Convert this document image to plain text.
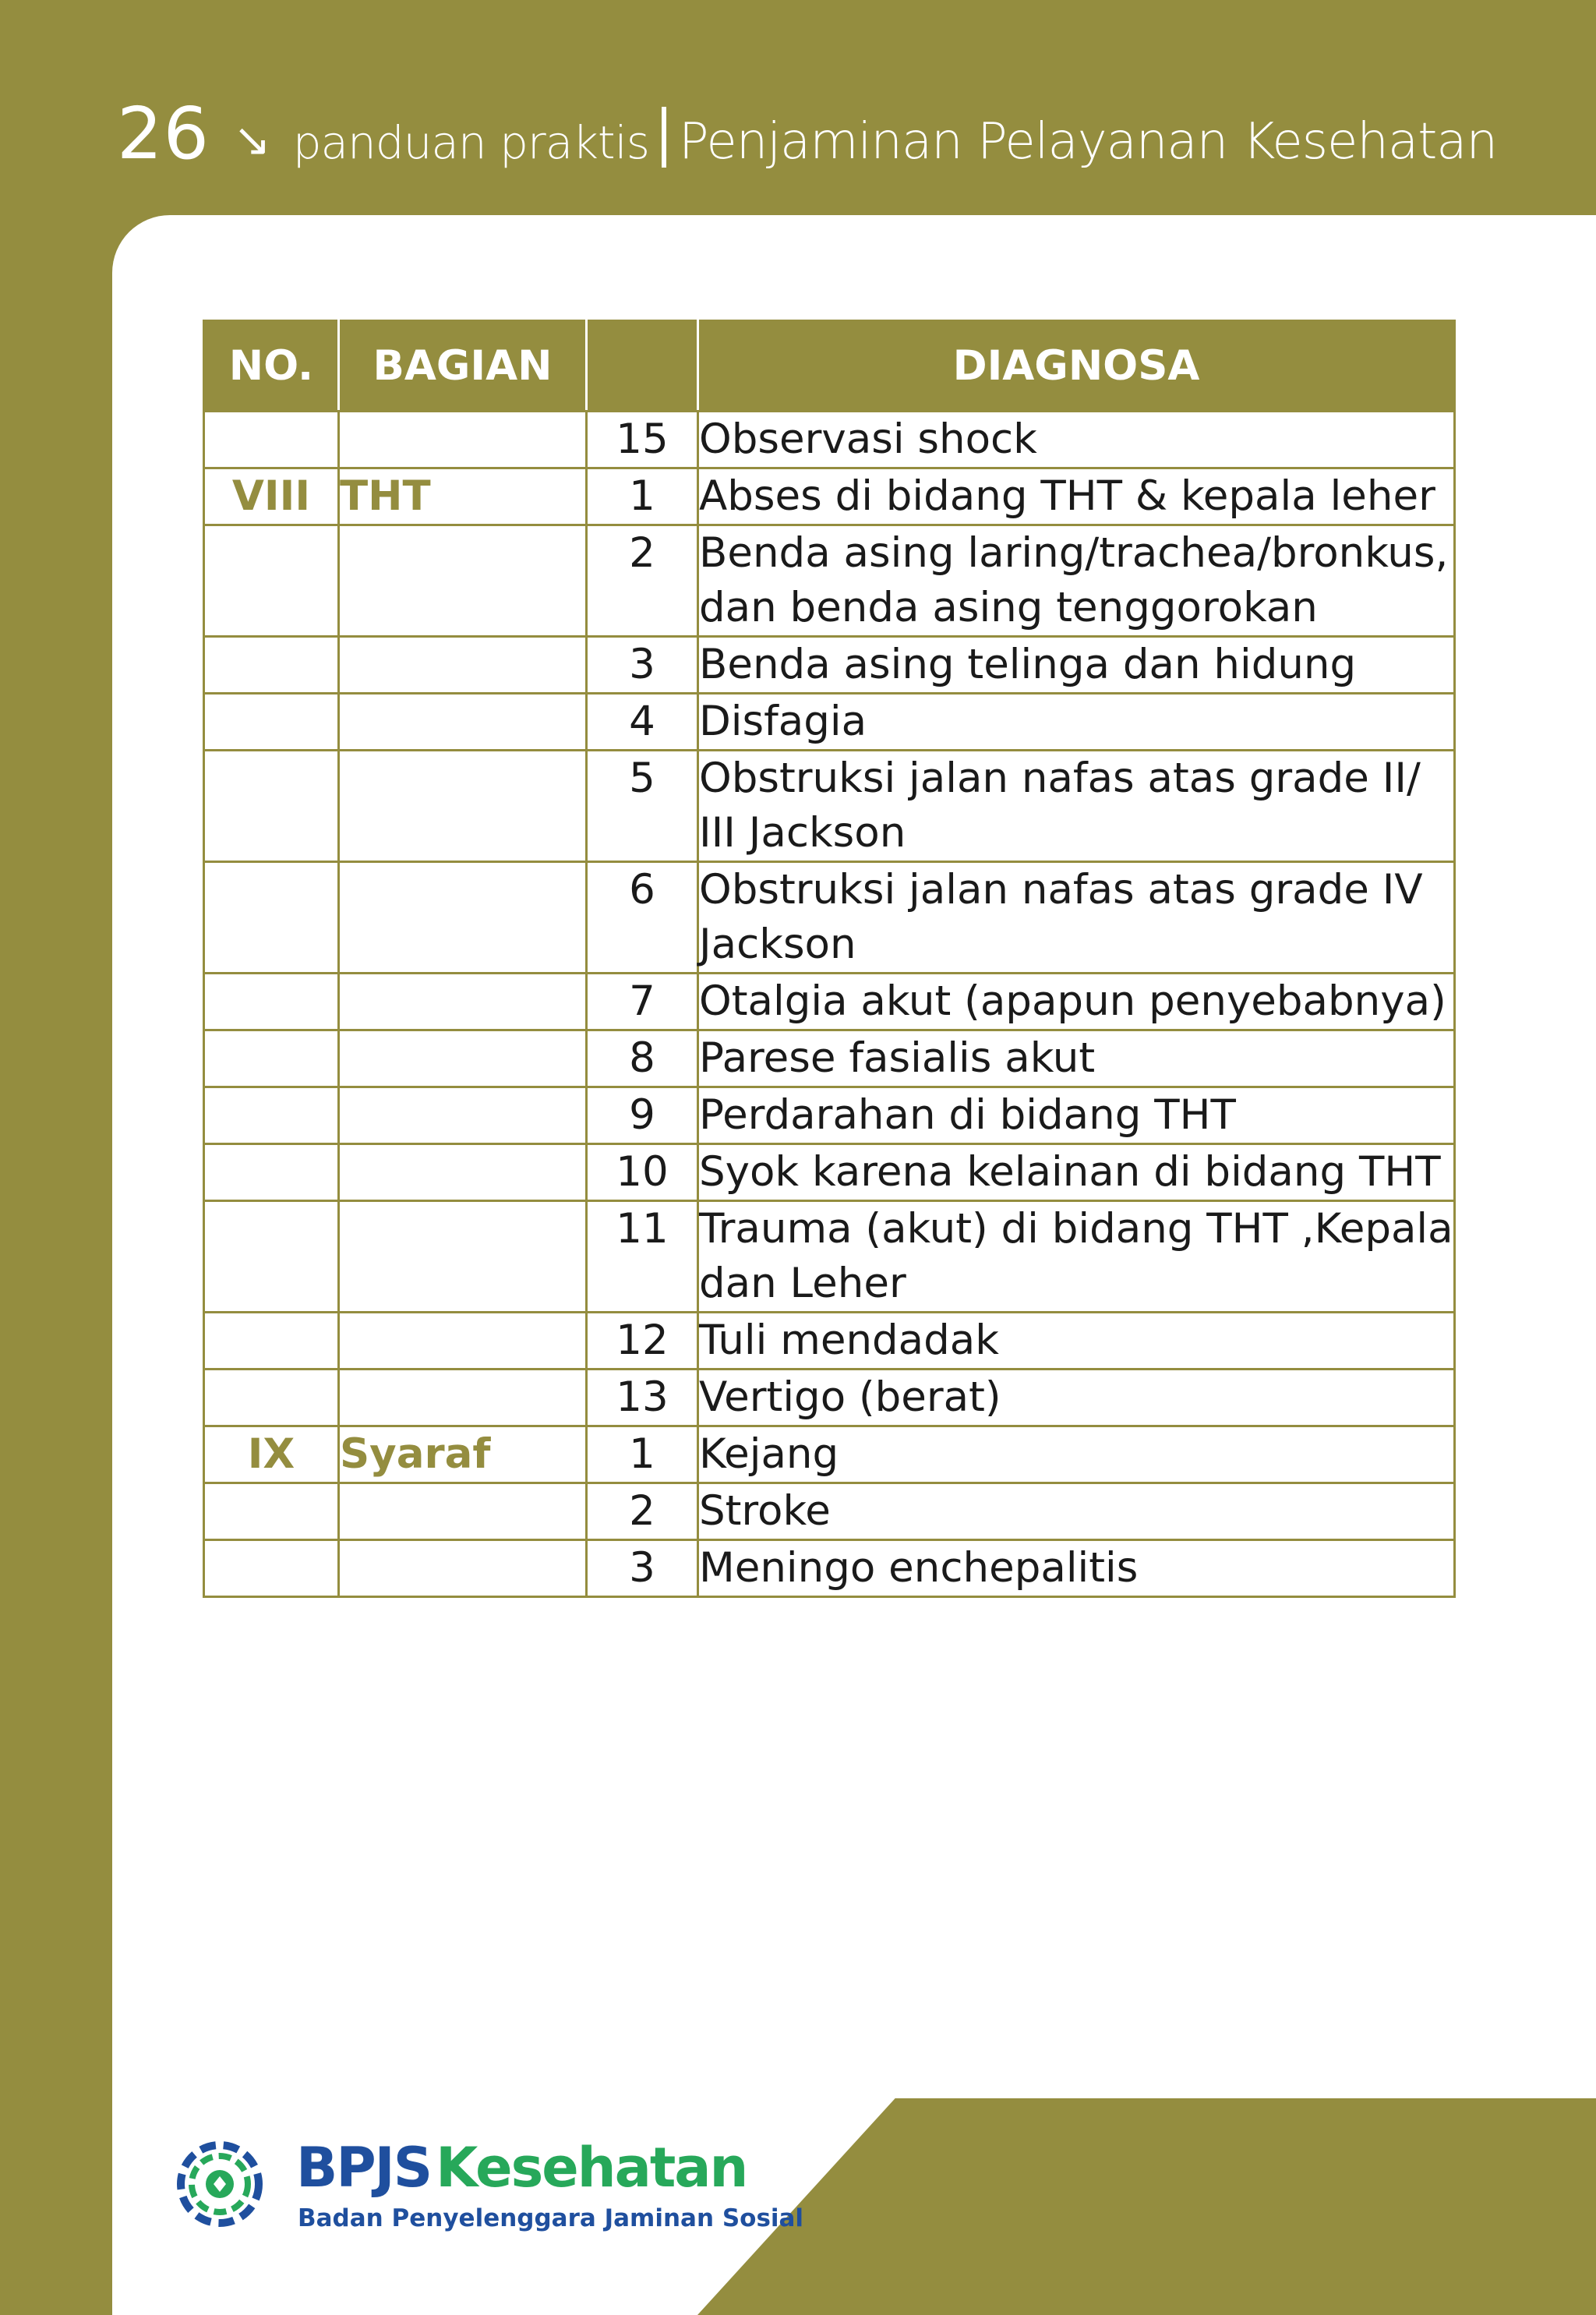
26 ↘ panduan praktis Penjaminan Pelayanan Kesehatan
NO.	BAGIAN		DIAGNOSA
		15	Observasi shock
VIII	THT	1	Abses di bidang THT & kepala leher
		2	Benda asing laring/trachea/bronkus, dan benda asing tenggorokan
		3	Benda asing telinga dan hidung
		4	Disfagia
		5	Obstruksi jalan nafas atas grade II/ III Jackson
		6	Obstruksi jalan nafas atas grade IV Jackson
		7	Otalgia akut (apapun penyebabnya)
		8	Parese fasialis akut
		9	Perdarahan di bidang THT
		10	Syok karena kelainan di bidang THT
		11	Trauma (akut) di bidang THT ,Kepala dan Leher
		12	Tuli mendadak
		13	Vertigo (berat)
IX	Syaraf	1	Kejang
		2	Stroke
		3	Meningo enchepalitis
BPJSKesehatan
Badan Penyelenggara Jaminan Sosial
